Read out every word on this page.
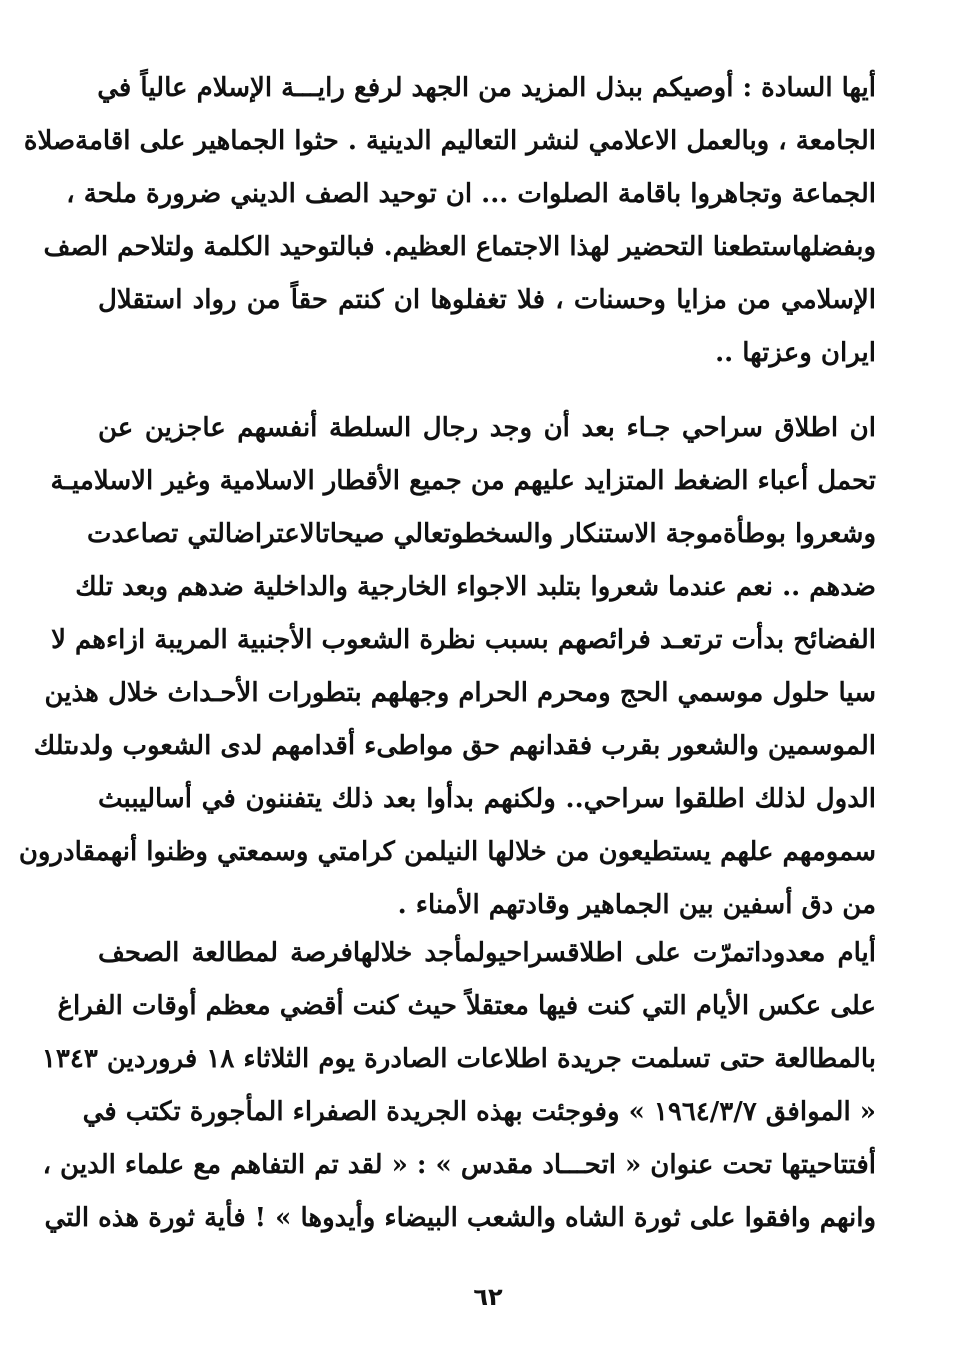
أيها السادة : أوصيكم ببذل المزيد من الجهد لرفع رايـــة الإسلام عالياً في
الجامعة ، وبالعمل الاعلامي لنشر التعاليم الدينية . حثوا الجماهير على اقامةصلاة
الجماعة وتجاهروا باقامة الصلوات ... ان توحيد الصف الديني ضرورة ملحة ،
وبفضلهاستطعنا التحضير لهذا الاجتماع العظيم. فبالتوحيد الكلمة ولتلاحم الصف
الإسلامي من مزايا وحسنات ، فلا تغفلوها ان كنتم حقاً من رواد استقلال
ايران وعزتها ..
ان اطلاق سراحي جـاء بعد أن وجد رجال السلطة أنفسهم عاجزين عن
تحمل أعباء الضغط المتزايد عليهم من جميع الأقطار الاسلامية وغير الاسلاميـة
وشعروا بوطأةموجة الاستنكار والسخطوتعالي صيحاتالاعتراضالتي تصاعدت
ضدهم .. نعم عندما شعروا بتلبد الاجواء الخارجية والداخلية ضدهم وبعد تلك
الفضائح بدأت ترتعـد فرائصهم بسبب نظرة الشعوب الأجنبية المريبة ازاءهم لا
سيا حلول موسمي الحج ومحرم الحرام وجهلهم بتطورات الأحـداث خلال هذين
الموسمين والشعور بقرب فقدانهم حق مواطىء أقدامهم لدى الشعوب ولدىتلك
الدول لذلك اطلقوا سراحي.. ولكنهم بدأوا بعد ذلك يتفننون في أساليببث
سمومهم علهم يستطيعون من خلالها النيلمن كرامتي وسمعتي وظنوا أنهمقادرون
من دق أسفين بين الجماهير وقادتهم الأمناء .
أيام معدوداتمرّت على اطلاقسراحيولمأجد خلالهافرصة لمطالعة الصحف
على عكس الأيام التي كنت فيها معتقلاً حيث كنت أقضي معظم أوقات الفراغ
بالمطالعة حتى تسلمت جريدة اطلاعات الصادرة يوم الثلاثاء ١٨ فروردين ١٣٤٣
« الموافق ١٩٦٤/٣/٧ » وفوجئت بهذه الجريدة الصفراء المأجورة تكتب في
أفتتاحيتها تحت عنوان « اتحـــاد مقدس » : « لقد تم التفاهم مع علماء الدين ،
وانهم وافقوا على ثورة الشاه والشعب البيضاء وأيدوها » ! فأية ثورة هذه التي
٦٢
